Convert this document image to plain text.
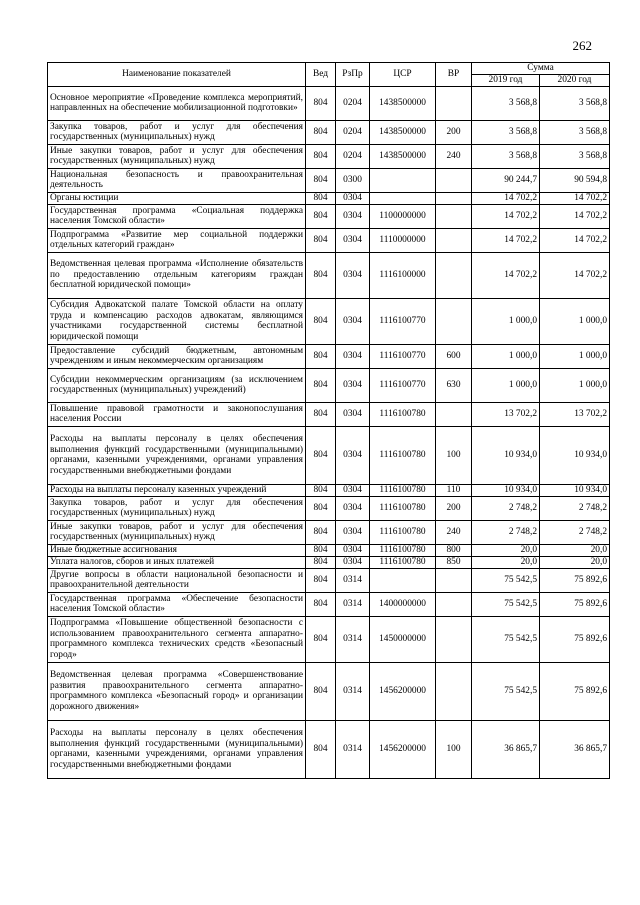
262
Наименование показателей	Вед	РзПр	ЦСР	ВР	Сумма	
					2019 год	2020 год
Основное мероприятие «Проведение комплекса мероприятий, направленных на обеспечение мобилизационной подготовки»	804	0204	1438500000		3 568,8	3 568,8
Закупка товаров, работ и услуг для обеспечения государственных (муниципальных) нужд	804	0204	1438500000	200	3 568,8	3 568,8
Иные закупки товаров, работ и услуг для обеспечения государственных (муниципальных) нужд	804	0204	1438500000	240	3 568,8	3 568,8
Национальная безопасность и правоохранительная деятельность	804	0300			90 244,7	90 594,8
Органы юстиции	804	0304			14 702,2	14 702,2
Государственная программа «Социальная поддержка населения Томской области»	804	0304	1100000000		14 702,2	14 702,2
Подпрограмма «Развитие мер социальной поддержки отдельных категорий граждан»	804	0304	1110000000		14 702,2	14 702,2
Ведомственная целевая программа «Исполнение обязательств по предоставлению отдельным категориям граждан бесплатной юридической помощи»	804	0304	1116100000		14 702,2	14 702,2
Субсидия Адвокатской палате Томской области на оплату труда и компенсацию расходов адвокатам, являющимся участниками государственной системы бесплатной юридической помощи	804	0304	1116100770		1 000,0	1 000,0
Предоставление субсидий бюджетным, автономным учреждениям и иным некоммерческим организациям	804	0304	1116100770	600	1 000,0	1 000,0
Субсидии некоммерческим организациям (за исключением государственных (муниципальных) учреждений)	804	0304	1116100770	630	1 000,0	1 000,0
Повышение правовой грамотности и законопослушания населения России	804	0304	1116100780		13 702,2	13 702,2
Расходы на выплаты персоналу в целях обеспечения выполнения функций государственными (муниципальными) органами, казенными учреждениями, органами управления государственными внебюджетными фондами	804	0304	1116100780	100	10 934,0	10 934,0
Расходы на выплаты персоналу казенных учреждений	804	0304	1116100780	110	10 934,0	10 934,0
Закупка товаров, работ и услуг для обеспечения государственных (муниципальных) нужд	804	0304	1116100780	200	2 748,2	2 748,2
Иные закупки товаров, работ и услуг для обеспечения государственных (муниципальных) нужд	804	0304	1116100780	240	2 748,2	2 748,2
Иные бюджетные ассигнования	804	0304	1116100780	800	20,0	20,0
Уплата налогов, сборов и иных платежей	804	0304	1116100780	850	20,0	20,0
Другие вопросы в области национальной безопасности и правоохранительной деятельности	804	0314			75 542,5	75 892,6
Государственная программа «Обеспечение безопасности населения Томской области»	804	0314	1400000000		75 542,5	75 892,6
Подпрограмма «Повышение общественной безопасности с использованием правоохранительного сегмента аппаратно-программного комплекса технических средств «Безопасный город»	804	0314	1450000000		75 542,5	75 892,6
Ведомственная целевая программа «Совершенствование развития правоохранительного сегмента аппаратно-программного комплекса «Безопасный город» и организации дорожного движения»	804	0314	1456200000		75 542,5	75 892,6
Расходы на выплаты персоналу в целях обеспечения выполнения функций государственными (муниципальными) органами, казенными учреждениями, органами управления государственными внебюджетными фондами	804	0314	1456200000	100	36 865,7	36 865,7
